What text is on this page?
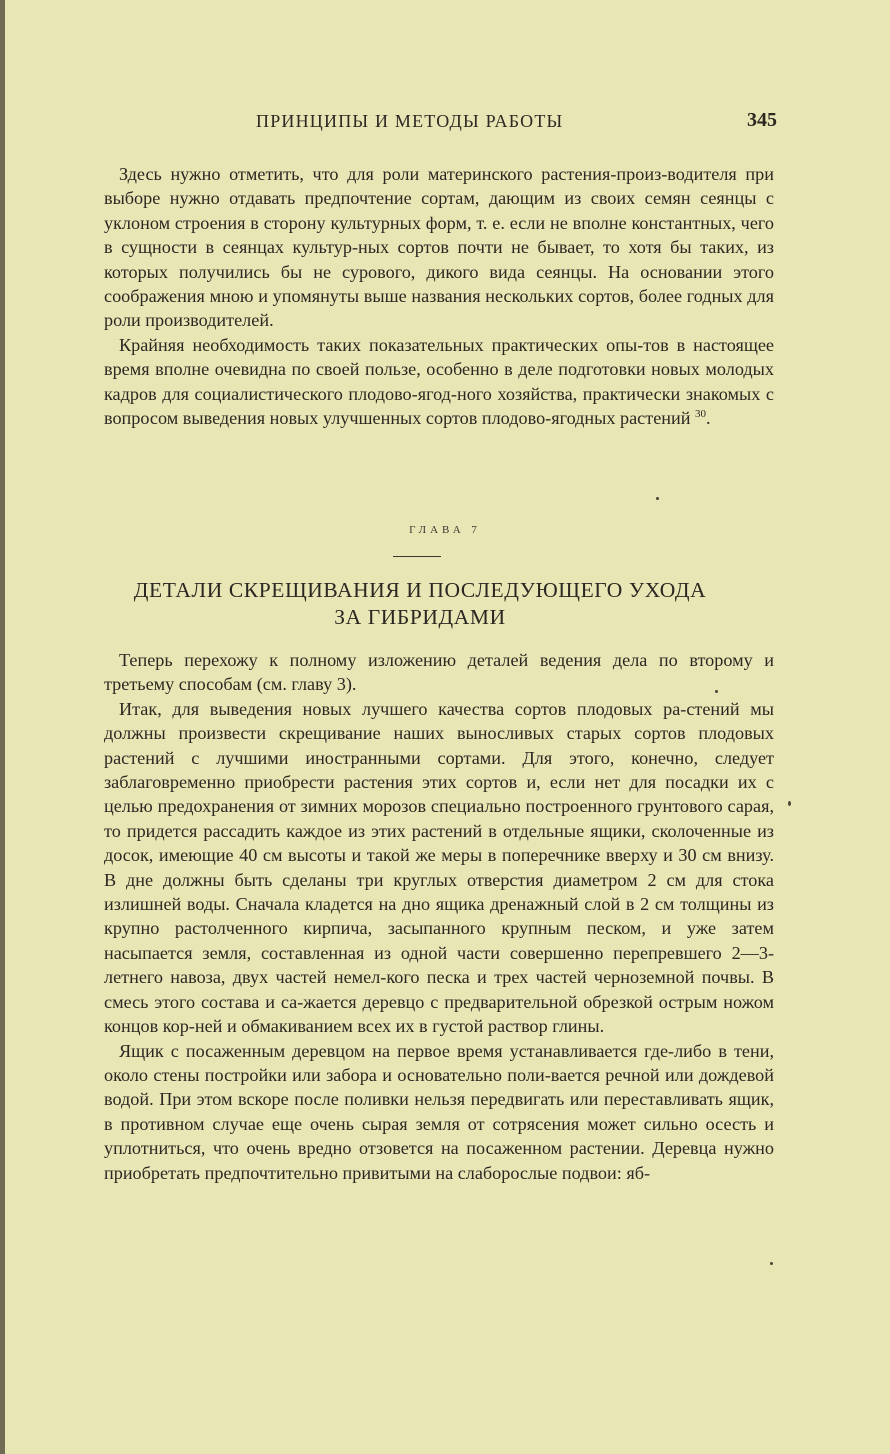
ПРИНЦИПЫ И МЕТОДЫ РАБОТЫ	345

Здесь нужно отметить, что для роли материнского растения-произ-водителя при выборе нужно отдавать предпочтение сортам, дающим из своих семян сеянцы с уклоном строения в сторону культурных форм, т. е. если не вполне константных, чего в сущности в сеянцах культур-ных сортов почти не бывает, то хотя бы таких, из которых получились бы не сурового, дикого вида сеянцы. На основании этого соображения мною и упомянуты выше названия нескольких сортов, более годных для роли производителей.

Крайняя необходимость таких показательных практических опы-тов в настоящее время вполне очевидна по своей пользе, особенно в деле подготовки новых молодых кадров для социалистического плодово-ягод-ного хозяйства, практически знакомых с вопросом выведения новых улучшенных сортов плодово-ягодных растений $^{30}$.

ГЛАВА 7
ДЕТАЛИ СКРЕЩИВАНИЯ И ПОСЛЕДУЮЩЕГО УХОДА
ЗА ГИБРИДАМИ

Теперь перехожу к полному изложению деталей ведения дела по второму и третьему способам (см. главу 3).

Итак, для выведения новых лучшего качества сортов плодовых ра-стений мы должны произвести скрещивание наших выносливых старых сортов плодовых растений с лучшими иностранными сортами. Для этого, конечно, следует заблаговременно приобрести растения этих сортов и, если нет для посадки их с целью предохранения от зимних морозов специально построенного грунтового сарая, то придется рассадить каждое из этих растений в отдельные ящики, сколоченные из досок, имеющие 40 см высоты и такой же меры в поперечнике вверху и 30 см внизу. В дне должны быть сделаны три круглых отверстия диаметром 2 см для стока излишней воды. Сначала кладется на дно ящика дренажный слой в 2 см толщины из крупно растолченного кирпича, засыпанного крупным песком, и уже затем насыпается земля, составленная из одной части совершенно перепревшего 2—3-летнего навоза, двух частей немел-кого песка и трех частей черноземной почвы. В смесь этого состава и са-жается деревцо с предварительной обрезкой острым ножом концов кор-ней и обмакиванием всех их в густой раствор глины.

Ящик с посаженным деревцом на первое время устанавливается где-либо в тени, около стены постройки или забора и основательно поли-вается речной или дождевой водой. При этом вскоре после поливки нельзя передвигать или переставливать ящик, в противном случае еще очень сырая земля от сотрясения может сильно осесть и уплотниться, что очень вредно отзовется на посаженном растении. Деревца нужно приобретать предпочтительно привитыми на слаборослые подвои: яб-
